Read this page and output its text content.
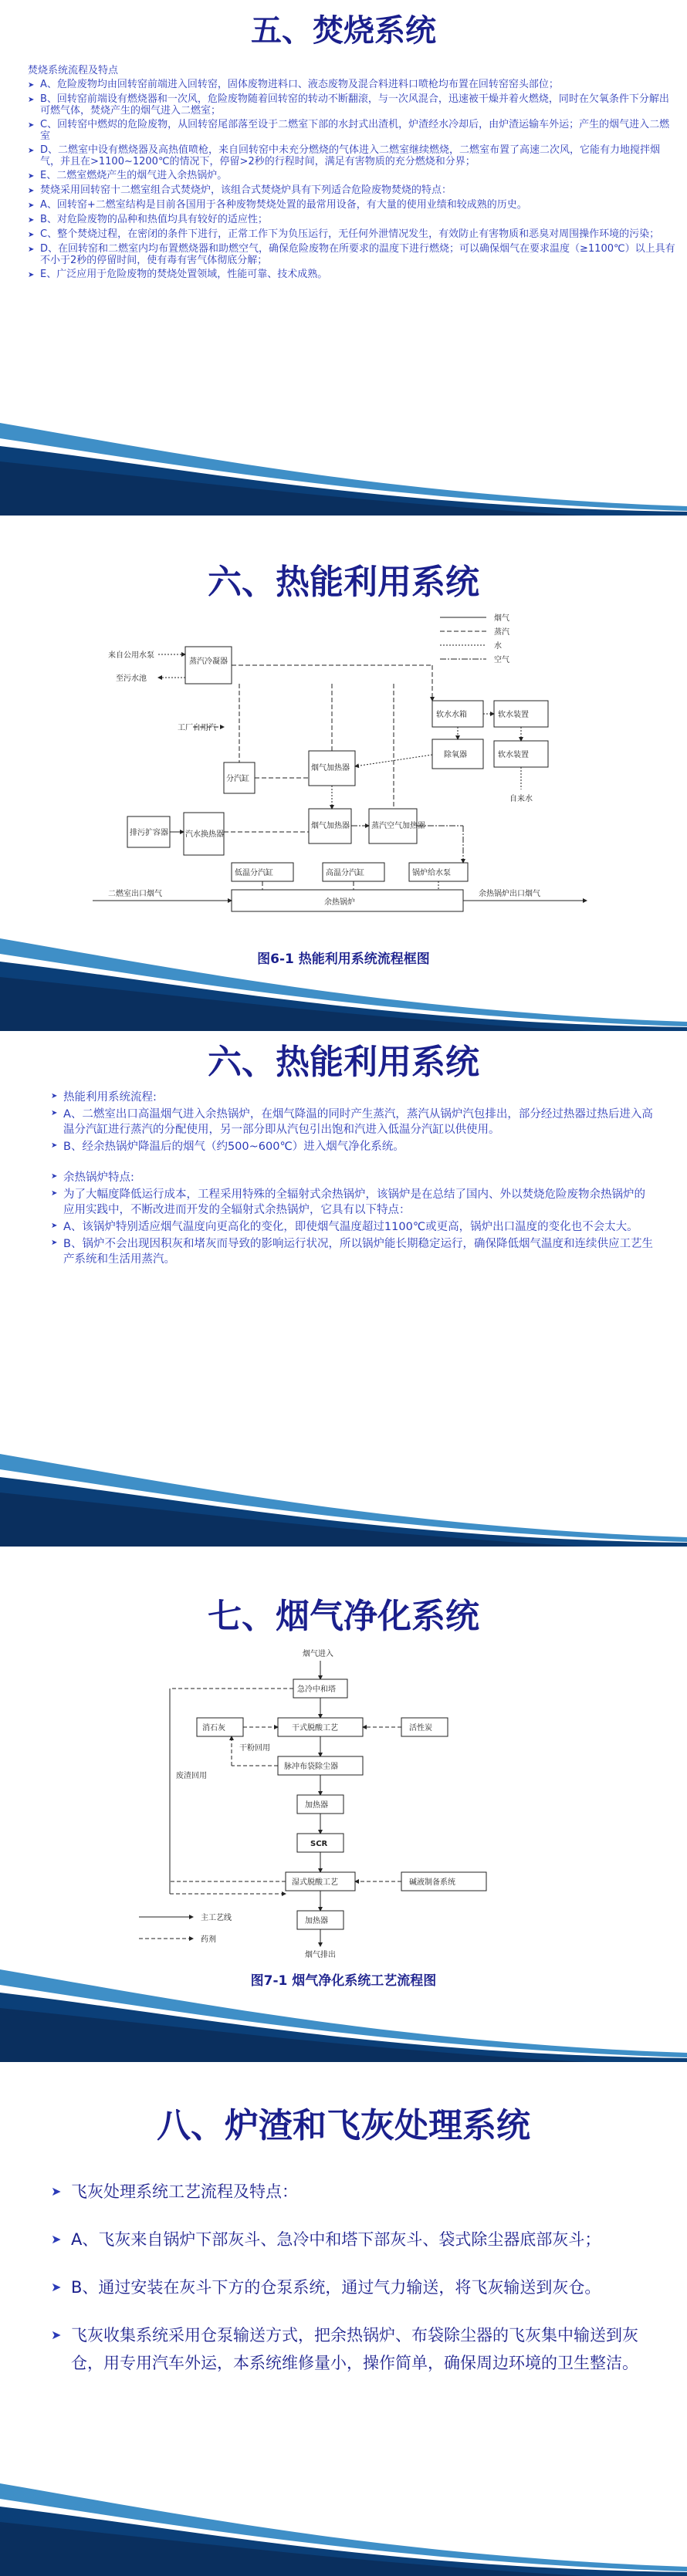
五、焚烧系统
焚烧系统流程及特点
➤ A、危险废物均由回转窑前端进入回转窑，固体废物进料口、液态废物及混合料进料口喷枪均布置在回转窑窑头部位；
➤ B、回转窑前端设有燃烧器和一次风，危险废物随着回转窑的转动不断翻滚，与一次风混合，迅速被干燥并着火燃烧，同时在欠氧条件下分解出可燃气体，焚烧产生的烟气进入二燃室；
➤ C、回转窑中燃烬的危险废物，从回转窑尾部落至设于二燃室下部的水封式出渣机，炉渣经水冷却后，由炉渣运输车外运；产生的烟气进入二燃室
➤ D、二燃室中设有燃烧器及高热值喷枪，来自回转窑中未充分燃烧的气体进入二燃室继续燃烧，二燃室布置了高速二次风，它能有力地搅拌烟气，并且在>1100~1200℃的情况下，停留>2秒的行程时间，满足有害物质的充分燃烧和分界；
➤ E、二燃室燃烧产生的烟气进入余热锅炉。
➤ 焚烧采用回转窑十二燃室组合式焚烧炉，该组合式焚烧炉具有下列适合危险废物焚烧的特点：
➤ A、回转窑+二燃室结构是目前各国用于各种废物焚烧处置的最常用设备，有大量的使用业绩和较成熟的历史。
➤ B、对危险废物的品种和热值均具有较好的适应性；
➤ C、整个焚烧过程，在密闭的条件下进行，正常工作下为负压运行，无任何外泄情况发生，有效防止有害物质和恶臭对周围操作环境的污染；
➤ D、在回转窑和二燃室内均布置燃烧器和助燃空气，确保危险废物在所要求的温度下进行燃烧；可以确保烟气在要求温度（≥1100℃）以上具有不小于2秒的停留时间，使有毒有害气体彻底分解；
➤ E、广泛应用于危险废物的焚烧处置领域，性能可靠、技术成熟。
六、热能利用系统
烟气
蒸汽
水
空气
来自公用水泵
蒸汽冷凝器
至污水池
工厂自用汽
软水水箱	软水装置
软水装置
自来水
除氧器
烟气加热器
分汽缸
烟气加热器	蒸汽空气加热器
汽水换热器
排污扩容器
低温分汽缸	高温分汽缸	锅炉给水泵
余热锅炉
二燃室出口烟气	余热锅炉出口烟气
图6-1 热能利用系统流程框图
六、热能利用系统
➤ 热能利用系统流程:
➤ A、二燃室出口高温烟气进入余热锅炉，在烟气降温的同时产生蒸汽，蒸汽从锅炉汽包排出，部分经过热器过热后进入高温分汽缸进行蒸汽的分配使用，另一部分即从汽包引出饱和汽进入低温分汽缸以供使用。
➤ B、经余热锅炉降温后的烟气（约500~600℃）进入烟气净化系统。
➤ 余热锅炉特点:
➤ 为了大幅度降低运行成本，工程采用特殊的全辐射式余热锅炉，该锅炉是在总结了国内、外以焚烧危险废物余热锅炉的应用实践中，不断改进而开发的全辐射式余热锅炉，它具有以下特点：
➤ A、该锅炉特别适应烟气温度向更高化的变化，即使烟气温度超过1100℃或更高，锅炉出口温度的变化也不会太大。
➤ B、锅炉不会出现因积灰和堵灰而导致的影响运行状况，所以锅炉能长期稳定运行，确保降低烟气温度和连续供应工艺生产系统和生活用蒸汽。
七、烟气净化系统
烟气进入
急冷中和塔
消石灰	干式脱酸工艺	活性炭
干粉回用
脉冲布袋除尘器
加热器
SCR
湿式脱酸工艺	碱液制备系统
加热器
烟气排出
废渣回用
主工艺线
药剂
图7-1 烟气净化系统工艺流程图
八、炉渣和飞灰处理系统
➤ 飞灰处理系统工艺流程及特点：
➤ A、飞灰来自锅炉下部灰斗、急冷中和塔下部灰斗、袋式除尘器底部灰斗；
➤ B、通过安装在灰斗下方的仓泵系统，通过气力输送，将飞灰输送到灰仓。
➤ 飞灰收集系统采用仓泵输送方式，把余热锅炉、布袋除尘器的飞灰集中输送到灰仓，用专用汽车外运，本系统维修量小，操作简单，确保周边环境的卫生整洁。
